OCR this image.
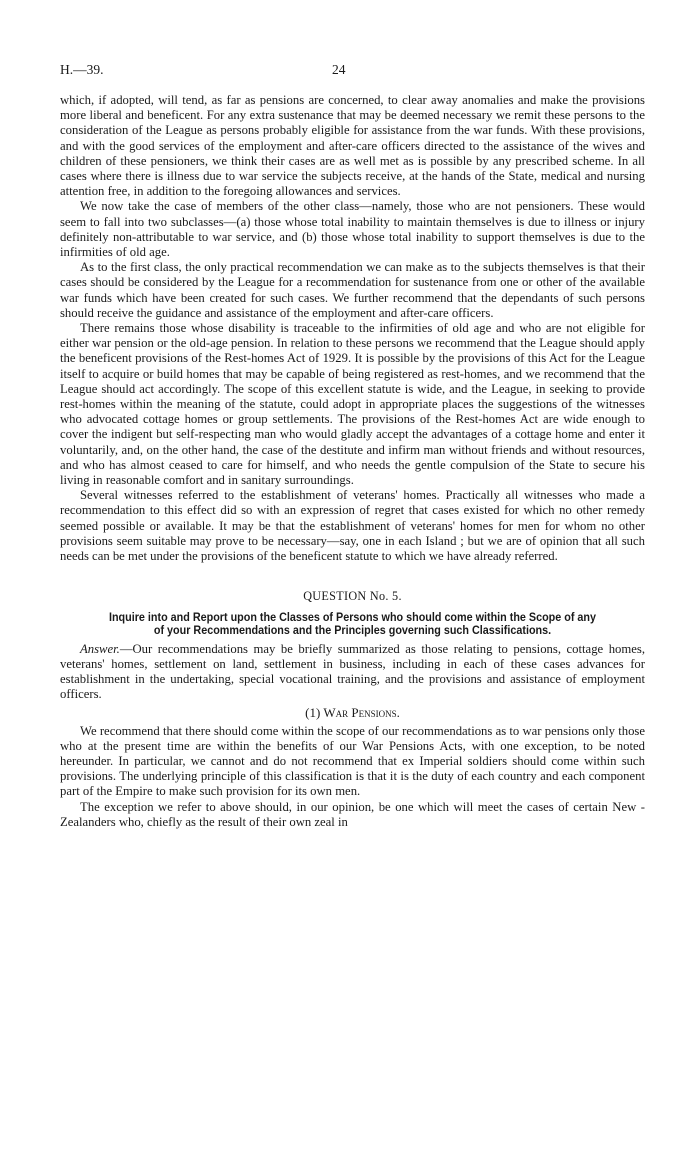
H.—39.	24

which, if adopted, will tend, as far as pensions are concerned, to clear away anomalies and make the provisions more liberal and beneficent. For any extra sustenance that may be deemed necessary we remit these persons to the consideration of the League as persons probably eligible for assistance from the war funds. With these provisions, and with the good services of the employment and after-care officers directed to the assistance of the wives and children of these pensioners, we think their cases are as well met as is possible by any prescribed scheme. In all cases where there is illness due to war service the subjects receive, at the hands of the State, medical and nursing attention free, in addition to the foregoing allowances and services.

We now take the case of members of the other class—namely, those who are not pensioners. These would seem to fall into two subclasses—(a) those whose total inability to maintain themselves is due to illness or injury definitely non-attributable to war service, and (b) those whose total inability to support themselves is due to the infirmities of old age.

As to the first class, the only practical recommendation we can make as to the subjects themselves is that their cases should be considered by the League for a recommendation for sustenance from one or other of the available war funds which have been created for such cases. We further recommend that the dependants of such persons should receive the guidance and assistance of the employment and after-care officers.

There remains those whose disability is traceable to the infirmities of old age and who are not eligible for either war pension or the old-age pension. In relation to these persons we recommend that the League should apply the beneficent provisions of the Rest-homes Act of 1929. It is possible by the provisions of this Act for the League itself to acquire or build homes that may be capable of being registered as rest-homes, and we recommend that the League should act accordingly. The scope of this excellent statute is wide, and the League, in seeking to provide rest-homes within the meaning of the statute, could adopt in appropriate places the suggestions of the witnesses who advocated cottage homes or group settlements. The provisions of the Rest-homes Act are wide enough to cover the indigent but self-respecting man who would gladly accept the advantages of a cottage home and enter it voluntarily, and, on the other hand, the case of the destitute and infirm man without friends and without resources, and who has almost ceased to care for himself, and who needs the gentle compulsion of the State to secure his living in reasonable comfort and in sanitary surroundings.

Several witnesses referred to the establishment of veterans' homes. Practically all witnesses who made a recommendation to this effect did so with an expression of regret that cases existed for which no other remedy seemed possible or available. It may be that the establishment of veterans' homes for men for whom no other provisions seem suitable may prove to be necessary—say, one in each Island ; but we are of opinion that all such needs can be met under the provisions of the beneficent statute to which we have already referred.

QUESTION No. 5.
Inquire into and Report upon the Classes of Persons who should come within the Scope of any
of your Recommendations and the Principles governing such Classifications.

Answer.—Our recommendations may be briefly summarized as those relating to pensions, cottage homes, veterans' homes, settlement on land, settlement in business, including in each of these cases advances for establishment in the undertaking, special vocational training, and the provisions and assistance of employment officers.

(1) War Pensions.

We recommend that there should come within the scope of our recommendations as to war pensions only those who at the present time are within the benefits of our War Pensions Acts, with one exception, to be noted hereunder. In particular, we cannot and do not recommend that ex Imperial soldiers should come within such provisions. The underlying principle of this classification is that it is the duty of each country and each component part of the Empire to make such provision for its own men.

The exception we refer to above should, in our opinion, be one which will meet the cases of certain New - Zealanders who, chiefly as the result of their own zeal in
